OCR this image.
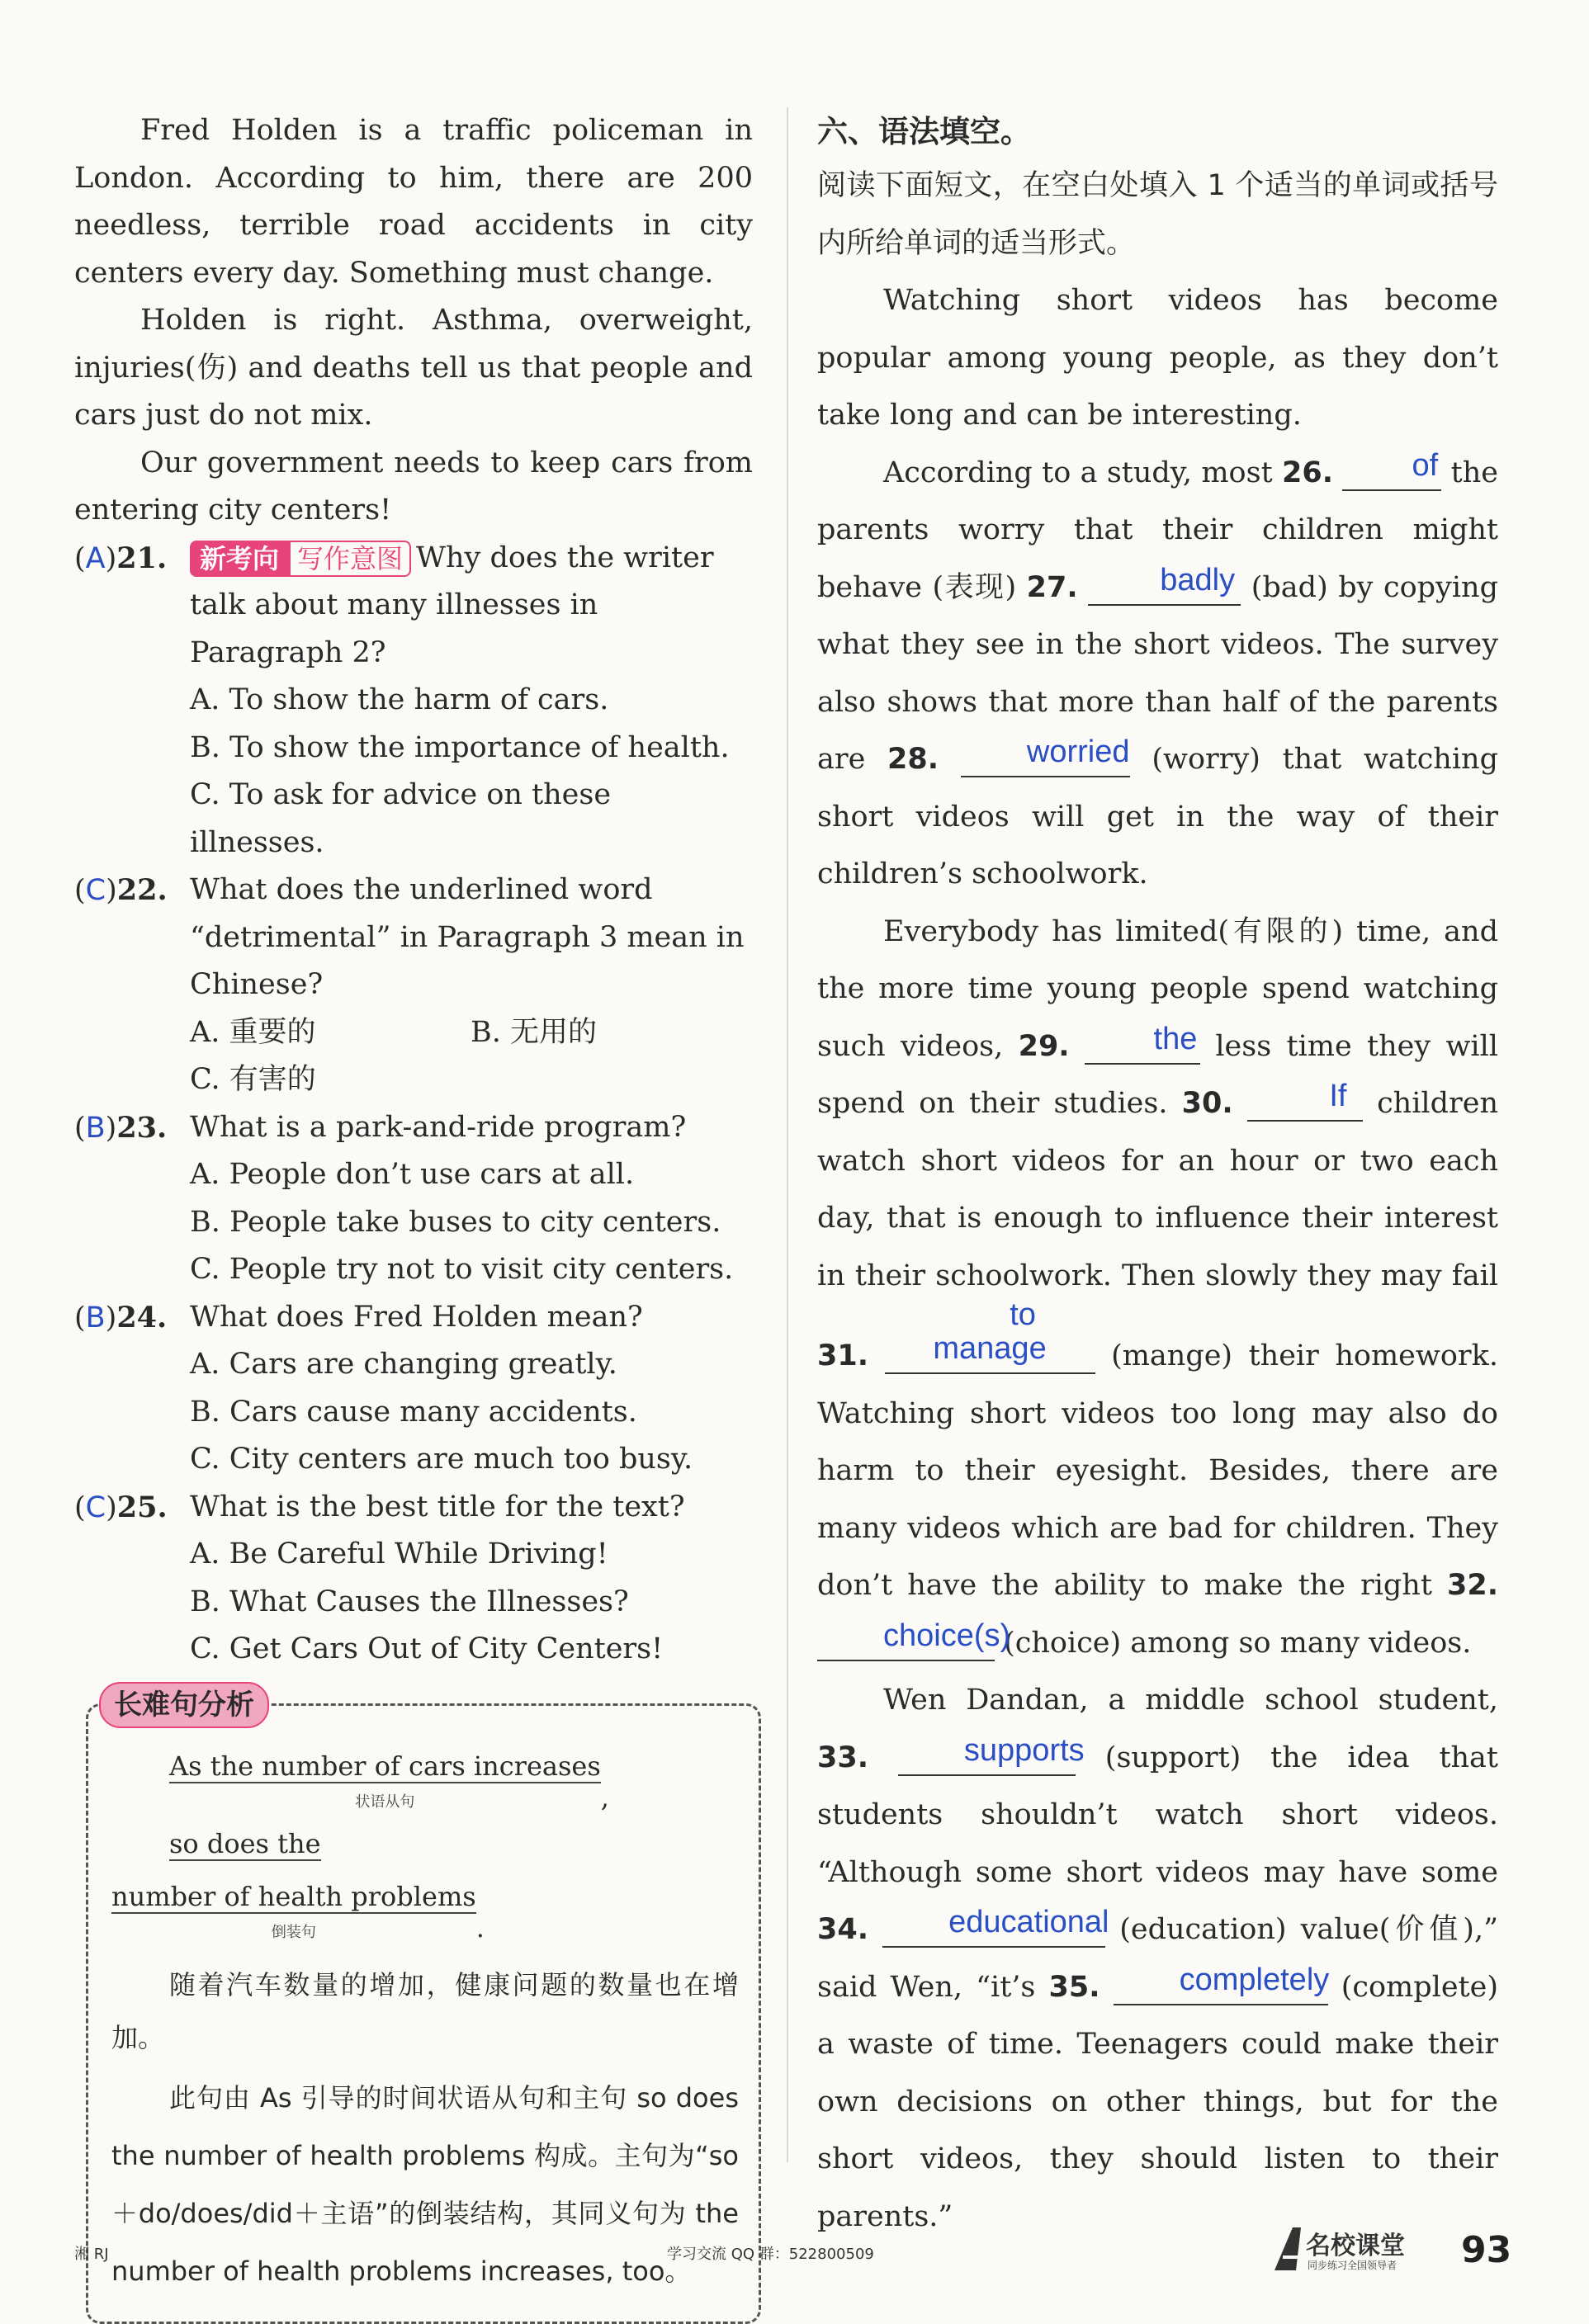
Fred Holden is a traffic policeman in London. According to him, there are 200 needless, terrible road accidents in city centers every day. Something must change.

Holden is right. Asthma, overweight, injuries(伤) and deaths tell us that people and cars just do not mix.

Our government needs to keep cars from entering city centers!

(A)21.	新考向 写作意图 Why does the writer talk about many illnesses in Paragraph 2?
A. To show the harm of cars.
B. To show the importance of health.
C. To ask for advice on these illnesses.
(C)22. What does the underlined word “detrimental” in Paragraph 3 mean in Chinese?
A. 重要的	B. 无用的
C. 有害的
(B)23. What is a park-and-ride program?
A. People don’t use cars at all.
B. People take buses to city centers.
C. People try not to visit city centers.
(B)24. What does Fred Holden mean?
A. Cars are changing greatly.
B. Cars cause many accidents.
C. City centers are much too busy.
(C)25. What is the best title for the text?
A. Be Careful While Driving!
B. What Causes the Illnesses?
C. Get Cars Out of City Centers!
长难句分析
As the number of cars increases
状语从句	, so does the
number of health problems
倒装句	.

随着汽车数量的增加，健康问题的数量也在增加。

此句由 As 引导的时间状语从句和主句 so does the number of health problems 构成。主句为“so＋do/does/did＋主语”的倒装结构，其同义句为 the number of health problems increases, too。

六、语法填空。
阅读下面短文，在空白处填入 1 个适当的单词或括号内所给单词的适当形式。

Watching short videos has become popular among young people, as they don’t take long and can be interesting.

According to a study, most 26.	of the parents worry that their children might behave (表现) 27.	badly (bad) by copying what they see in the short videos. The survey also shows that more than half of the parents are 28.	worried (worry) that watching short videos will get in the way of their children’s schoolwork.

Everybody has limited(有限的) time, and the more time young people spend watching such videos, 29.	the less time they will spend on their studies. 30.	If children watch short videos for an hour or two each day, that is enough to influence their interest in their schoolwork. Then slowly they may fail 31. to manage (mange) their homework. Watching short videos too long may also do harm to their eyesight. Besides, there are many videos which are bad for children. They don’t have the ability to make the right 32. choice(s) (choice) among so many videos.

Wen Dandan, a middle school student, 33.	supports (support) the idea that students shouldn’t watch short videos. “Although some short videos may have some 34.	educational (education) value(价值),” said Wen, “it’s 35.	completely (complete) a waste of time. Teenagers could make their own decisions on other things, but for the short videos, they should listen to their parents.”

湘 RJ	学习交流 QQ 群：522800509	名校课堂
同步练习全国领导者 93
